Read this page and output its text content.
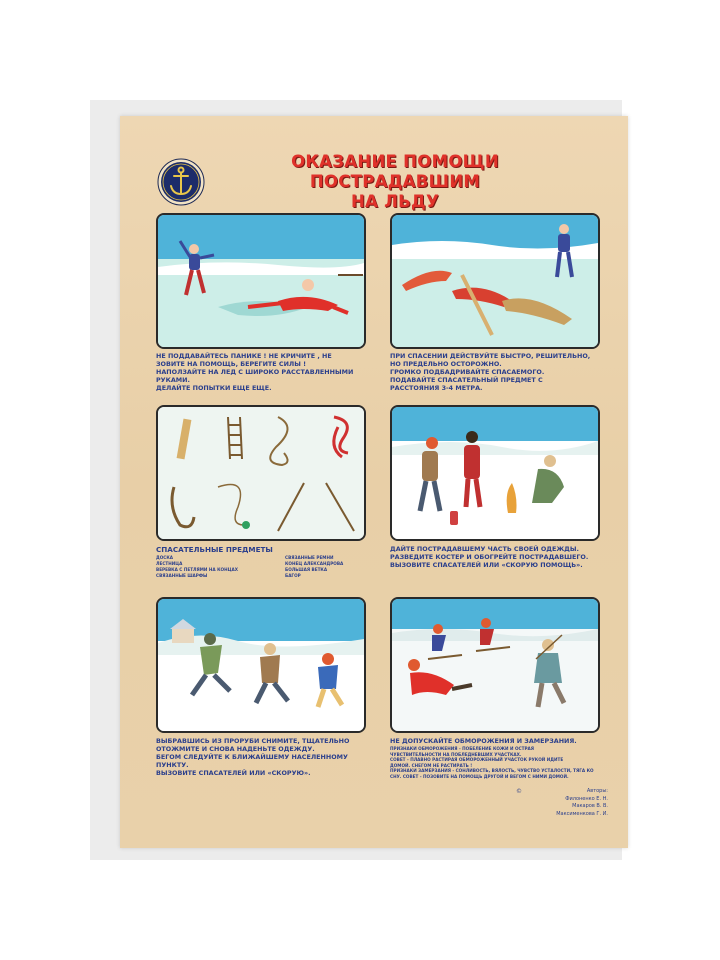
ОКАЗАНИЕ ПОМОЩИ ПОСТРАДАВШИМ
НА ЛЬДУ
НЕ ПОДДАВАЙТЕСЬ ПАНИКЕ ! НЕ КРИЧИТЕ , НЕ
ЗОВИТЕ НА ПОМОЩЬ, БЕРЕГИТЕ СИЛЫ !
НАПОЛЗАЙТЕ НА ЛЕД С ШИРОКО РАССТАВЛЕННЫМИ
РУКАМИ.
ДЕЛАЙТЕ ПОПЫТКИ ЕЩЕ ЕЩЕ.
ПРИ СПАСЕНИИ ДЕЙСТВУЙТЕ БЫСТРО, РЕШИТЕЛЬНО,
НО ПРЕДЕЛЬНО ОСТОРОЖНО.
ГРОМКО ПОДБАДРИВАЙТЕ СПАСАЕМОГО.
ПОДАВАЙТЕ СПАСАТЕЛЬНЫЙ ПРЕДМЕТ С
РАССТОЯНИЯ 3-4 МЕТРА.
СПАСАТЕЛЬНЫЕ ПРЕДМЕТЫ
ДОСКА
ЛЕСТНИЦА
ВЕРЕВКА С ПЕТЛЯМИ НА КОНЦАХ
СВЯЗАННЫЕ ШАРФЫ
СВЯЗАННЫЕ РЕМНИ
КОНЕЦ АЛЕКСАНДРОВА
БОЛЬШАЯ ВЕТКА
БАГОР
ДАЙТЕ ПОСТРАДАВШЕМУ ЧАСТЬ СВОЕЙ ОДЕЖДЫ.
РАЗВЕДИТЕ КОСТЕР И ОБОГРЕЙТЕ ПОСТРАДАВШЕГО.
ВЫЗОВИТЕ СПАСАТЕЛЕЙ ИЛИ «СКОРУЮ ПОМОЩЬ».
ВЫБРАВШИСЬ ИЗ ПРОРУБИ СНИМИТЕ, ТЩАТЕЛЬНО
ОТОЖМИТЕ И СНОВА НАДЕНЬТЕ ОДЕЖДУ.
БЕГОМ СЛЕДУЙТЕ К БЛИЖАЙШЕМУ НАСЕЛЕННОМУ
ПУНКТУ.
ВЫЗОВИТЕ СПАСАТЕЛЕЙ ИЛИ «СКОРУЮ».
НЕ ДОПУСКАЙТЕ ОБМОРОЖЕНИЯ И ЗАМЕРЗАНИЯ.
ПРИЗНАКИ ОБМОРОЖЕНИЯ - ПОБЕЛЕНИЕ КОЖИ И ОСТРАЯ
ЧУВСТВИТЕЛЬНОСТИ НА ПОБЛЕДНЕВШИХ УЧАСТКАХ.
СОВЕТ - ПЛАВНО РАСТИРАЯ ОБМОРОЖЕННЫЙ УЧАСТОК РУКОЙ ИДИТЕ
ДОМОЙ. СНЕГОМ НЕ РАСТИРАТЬ !
ПРИЗНАКИ ЗАМЕРЗАНИЯ - СОНЛИВОСТЬ, ВЯЛОСТЬ, ЧУВСТВО УСТАЛОСТИ, ТЯГА КО
СНУ. СОВЕТ - ПОЗОВИТЕ НА ПОМОЩЬ ДРУГОЙ И ВЕГОМ С НИМИ ДОМОЙ.
©	Авторы:
Филоненко Е. Н.
Макаров В. В.
Максименкова Г. И.
